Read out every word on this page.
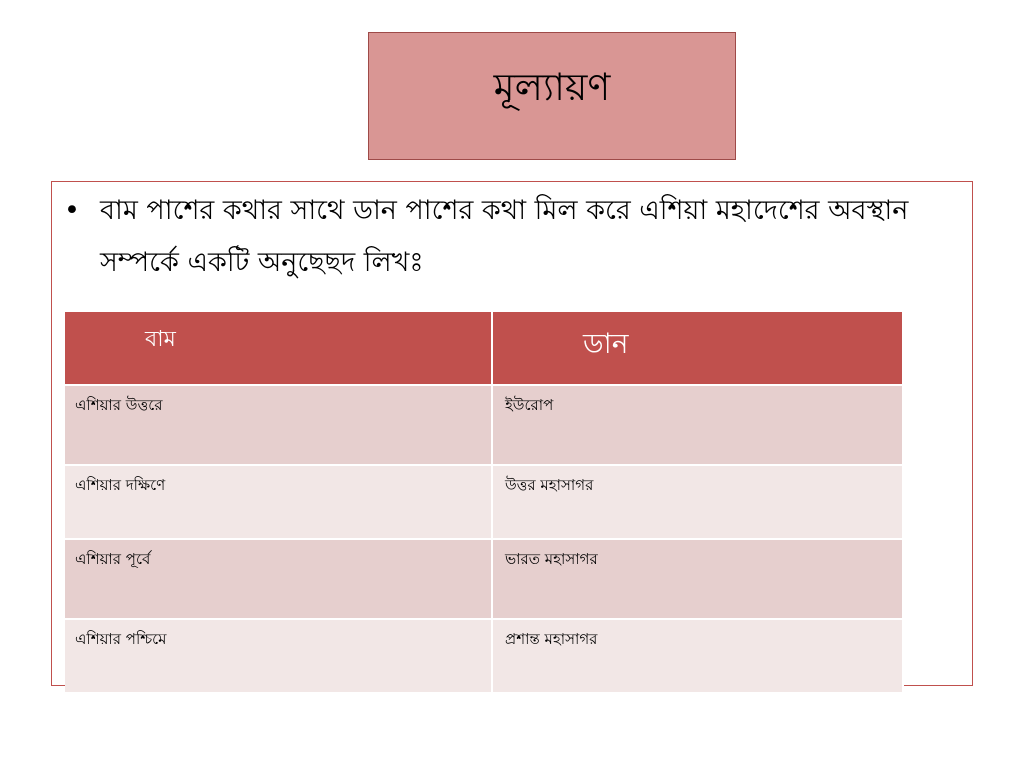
মূল্যায়ণ
• বাম পাশের কথার সাথে ডান পাশের কথা মিল করে এশিয়া মহাদেশের অবস্থান সম্পর্কে একটি অনুছেছদ লিখঃ
বাম	ডান
এশিয়ার উত্তরে	ইউরোপ
এশিয়ার দক্ষিণে	উত্তর মহাসাগর
এশিয়ার পূর্বে	ভারত মহাসাগর
এশিয়ার পশ্চিমে	প্রশান্ত মহাসাগর
